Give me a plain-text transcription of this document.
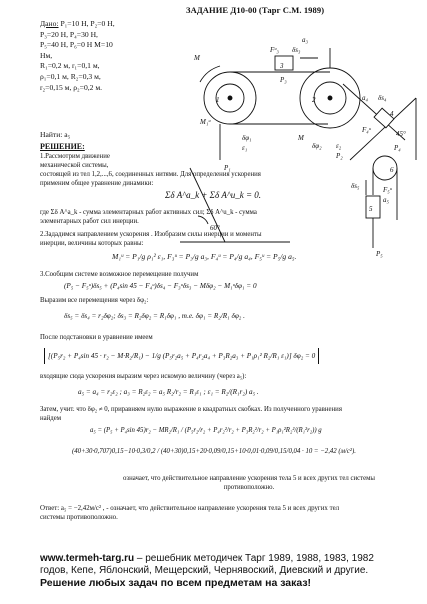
ЗАДАНИЕ Д10-00 (Тарг С.М. 1989)
Дано: P₁=10 Н, P₂=0 Н,
P₃=20 Н, P₄=30 Н,
P₅=40 Н, P₆=0 Н M=10
Нм,
R₁=0,2 м, r₁=0,1 м,
ρ₁=0,1 м, R₂=0,3 м,
r₂=0,15 м, ρ₂=0,2 м.
Найти: a₅
РЕШЕНИЕ:
M
Fᵘ₃ δs₃
a₃
M₁ᵘ
δφ₁
ε₁
P₁
P₃
60°
2
1
3
M
δφ₂ ε₂
P₂
a₄ δs₄
F₄ᵘ
4
P₄
45°
5
P₅
F₅ᵘ
a₅
δs₅
6
1.Рассмотрим движение
механической системы,
состоящей из тел 1,2,...,6, соединенных нитями. Для определения ускорения
применим общее уравнение динамики:
Σδ A^a_k + Σδ A^u_k = 0.
где Σδ A^a_k - сумма элементарных работ активных сил; Σδ A^u_k - сумма
элементарных работ сил инерции.
2.Зададимся направлением ускорения . Изобразим силы инерции и моменты
инерции, величины которых равны:
M₁ᵘ = P₁/g ρ₁² ε₁, F₃ᵘ = P₃/g a₃, F₄ᵘ = P₄/g a₄, F₅ᵘ = P₅/g a₅.
3.Сообщим системе возможное перемещение получим
(P₅ − F₅ᵘ)δs₅ + (P₄sin 45 − F₄ᵘ)δs₄ − F₃ᵘδs₃ − Mδφ₂ − M₁ᵘδφ₁ = 0
Выразим все перемещения через δφ₂:
δs₅ = δs₄ = r₂δφ₂; δs₃ = R₂δφ₂ = R₁δφ₁ , т.е. δφ₁ = R₂/R₁ δφ₂ .
После подстановки в уравнение имеем
[(P₅r₂ + P₄sin 45 · r₂ − M·R₂/R₁) − 1/g (P₅r₂a₅ + P₄r₂a₄ + P₃R₂a₃ + P₁ρ₁² R₂/R₁ ε₁)] δφ₂ = 0
входящие сюда ускорения выразим через искомую величину (через a₅):
a₅ = a₄ = r₂ε₂ ; a₃ = R₂ε₂ = a₅ R₂/r₂ = R₁ε₁ ; ε₁ = R₂/(R₁r₂) a₅ .
Затем, учит. что δφ₂ ≠ 0, приравняем нулю выражение в квадратных скобках. Из полученного уравнения
найдем
a₅ = (P₅ + P₄sin 45)r₂ − MR₂/R₁ / (P₅r₂/r₂ + P₄r₂²/r₂ + P₃R₂²/r₂ + P₁ρ₁²R₂²/(R₁²r₂)) g
(40+30·0,707)0,15−10·0,3/0,2 / (40+30)0,15+20·0,09/0,15+10·0,01·0,09/0,15/0,04 · 10 = −2,42 (м/с²).
означает, что действительное направление ускорения тела 5 и всех других тел системы
противоположно.
Ответ: a₅ = −2,42м/c² , - означает, что действительное направление ускорения тела 5 и всех других тел
системы противоположно.
www.termeh-targ.ru – решебник методичек Тарг 1989, 1988, 1983, 1982
годов, Кепе, Яблонский, Мещерский, Чернявоский, Диевский и другие.
Решение любых задач по всем предметам на заказ!
